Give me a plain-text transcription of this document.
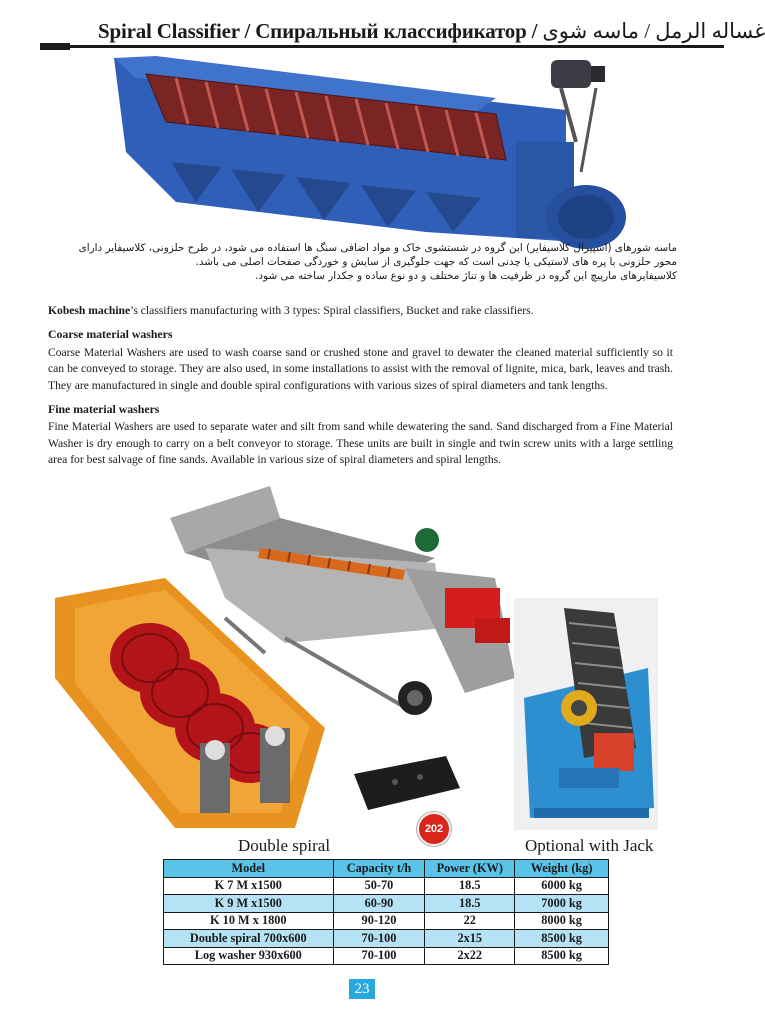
Spiral Classifier / Спиральный классификатор / غساله الرمل / ماسه شوی

ماسه شورهای (اسپیرال کلاسیفایر) این گروه در شستشوی خاک و مواد اضافی سنگ ها استفاده می شود، در طرح حلزونی، کلاسیفایر دارای

محور حلزونی با پره های لاستیکی یا چدنی است که جهت جلوگیری از سایش و خوردگی صفحات اصلی می باشد.

کلاسیفایرهای مارپیچ این گروه در ظرفیت ها و تناژ مختلف و دو نوع ساده و جکدار ساخته می شود.

Kobesh machine’s classifiers manufacturing with 3 types: Spiral classifiers, Bucket and rake classifiers.

Coarse material washers

Coarse Material Washers are used to wash coarse sand or crushed stone and gravel to dewater the cleaned material sufficiently so it can be conveyed to storage. They are also used, in some installations to assist with the removal of lignite, mica, bark, leaves and trash. They are manufactured in single and double spiral configurations with various sizes of spiral diameters and tank lengths.

Fine material washers

Fine Material Washers are used to separate water and silt from sand while dewatering the sand. Sand discharged from a Fine Material Washer is dry enough to carry on a belt conveyor to storage. These units are built in single and twin screw units with a large settling area for best salvage of fine sands. Available in various size of spiral diameters and spiral lengths.

Double spiral	Optional with Jack
202
Model	Capacity t/h	Power (KW)	Weight (kg)
K 7 M x1500	50-70	18.5	6000 kg
K 9 M x1500	60-90	18.5	7000 kg
K 10 M x 1800	90-120	22	8000 kg
Double spiral 700x600	70-100	2x15	8500 kg
Log washer 930x600	70-100	2x22	8500 kg
23
